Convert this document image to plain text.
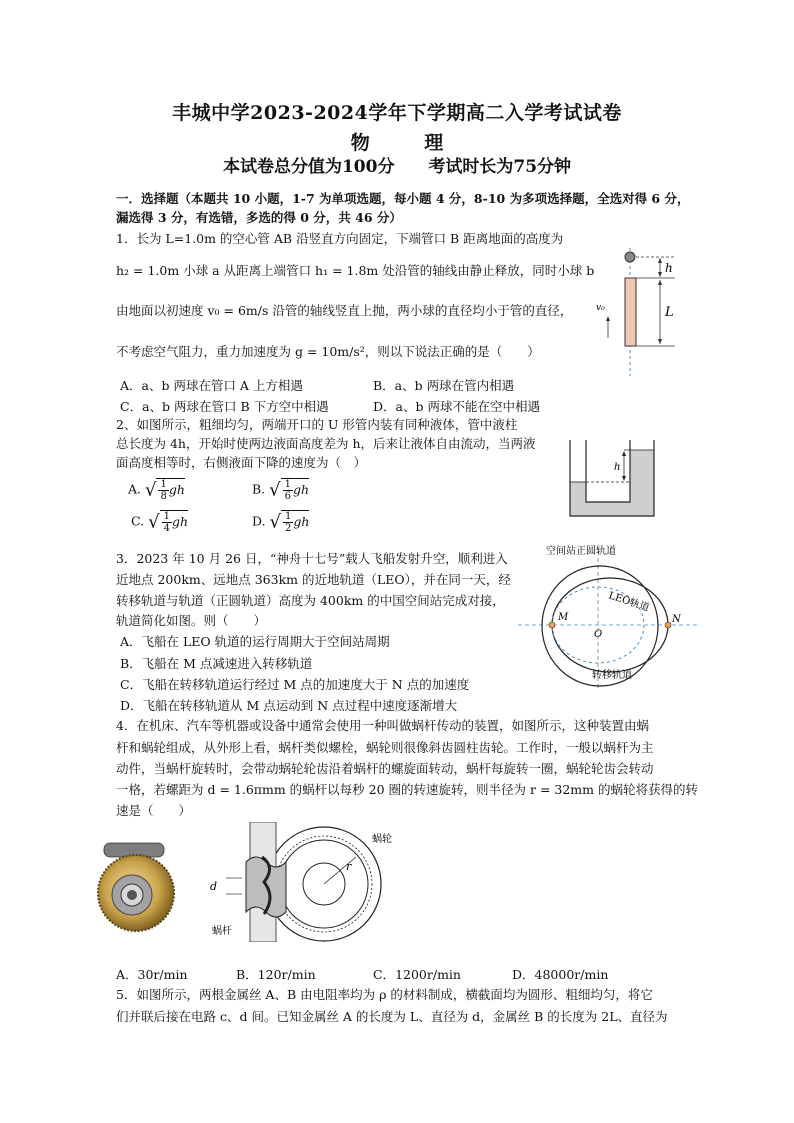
丰城中学2023-2024学年下学期高二入学考试试卷
物 理
本试卷总分值为100分 考试时长为75分钟
一．选择题（本题共 10 小题，1-7 为单项选题，每小题 4 分，8-10 为多项选择题，全选对得 6 分，
漏选得 3 分，有选错，多选的得 0 分，共 46 分）
1．长为 L=1.0m 的空心管 AB 沿竖直方向固定，下端管口 B 距离地面的高度为
h₂ = 1.0m 小球 a 从距离上端管口 h₁ = 1.8m 处沿管的轴线由静止释放，同时小球 b
由地面以初速度 v₀ = 6m/s 沿管的轴线竖直上抛，两小球的直径均小于管的直径，
不考虑空气阻力，重力加速度为 g = 10m/s²，则以下说法正确的是（　　）
A．a、b 两球在管口 A 上方相遇	B．a、b 两球在管内相遇
C．a、b 两球在管口 B 下方空中相遇	D．a、b 两球不能在空中相遇
h
L
v₀
2、如图所示，粗细均匀，两端开口的 U 形管内装有同种液体，管中液柱
总长度为 4h，开始时使两边液面高度差为 h，后来让液体自由流动，当两液
面高度相等时，右侧液面下降的速度为（　）
A. √ $\frac{1}{8}gh$	B. √ $\frac{1}{6}gh$
C. √ $\frac{1}{4}gh$	D. √ $\frac{1}{2}gh$
h
3．2023 年 10 月 26 日，“神舟十七号”载人飞船发射升空，顺利进入
近地点 200km、远地点 363km 的近地轨道（LEO），并在同一天，经
转移轨道与轨道（正圆轨道）高度为 400km 的中国空间站完成对接，
轨道简化如图。则（　　）
A．飞船在 LEO 轨道的运行周期大于空间站周期
B．飞船在 M 点减速进入转移轨道
C．飞船在转移轨道运行经过 M 点的加速度大于 N 点的加速度
D．飞船在转移轨道从 M 点运动到 N 点过程中速度逐渐增大
空间站正圆轨道
LEO轨道
转移轨道
M	N
O
4．在机床、汽车等机器或设备中通常会使用一种叫做蜗杆传动的装置，如图所示，这种装置由蜗
杆和蜗轮组成，从外形上看，蜗杆类似螺栓，蜗轮则很像斜齿圆柱齿轮。工作时，一般以蜗杆为主
动件，当蜗杆旋转时，会带动蜗轮轮齿沿着蜗杆的螺旋面转动，蜗杆每旋转一圈，蜗轮轮齿会转动
一格，若螺距为 d = 1.6πmm 的蜗杆以每秒 20 圈的转速旋转，则半径为 r = 32mm 的蜗轮将获得的转
速是（　　）
d
r
蜗轮
蜗杆
A．30r/min	B．120r/min	C．1200r/min	D．48000r/min
5．如图所示，两根金属丝 A、B 由电阻率均为 ρ 的材料制成，横截面均为圆形、粗细均匀，将它
们并联后接在电路 c、d 间。已知金属丝 A 的长度为 L、直径为 d，金属丝 B 的长度为 2L、直径为
